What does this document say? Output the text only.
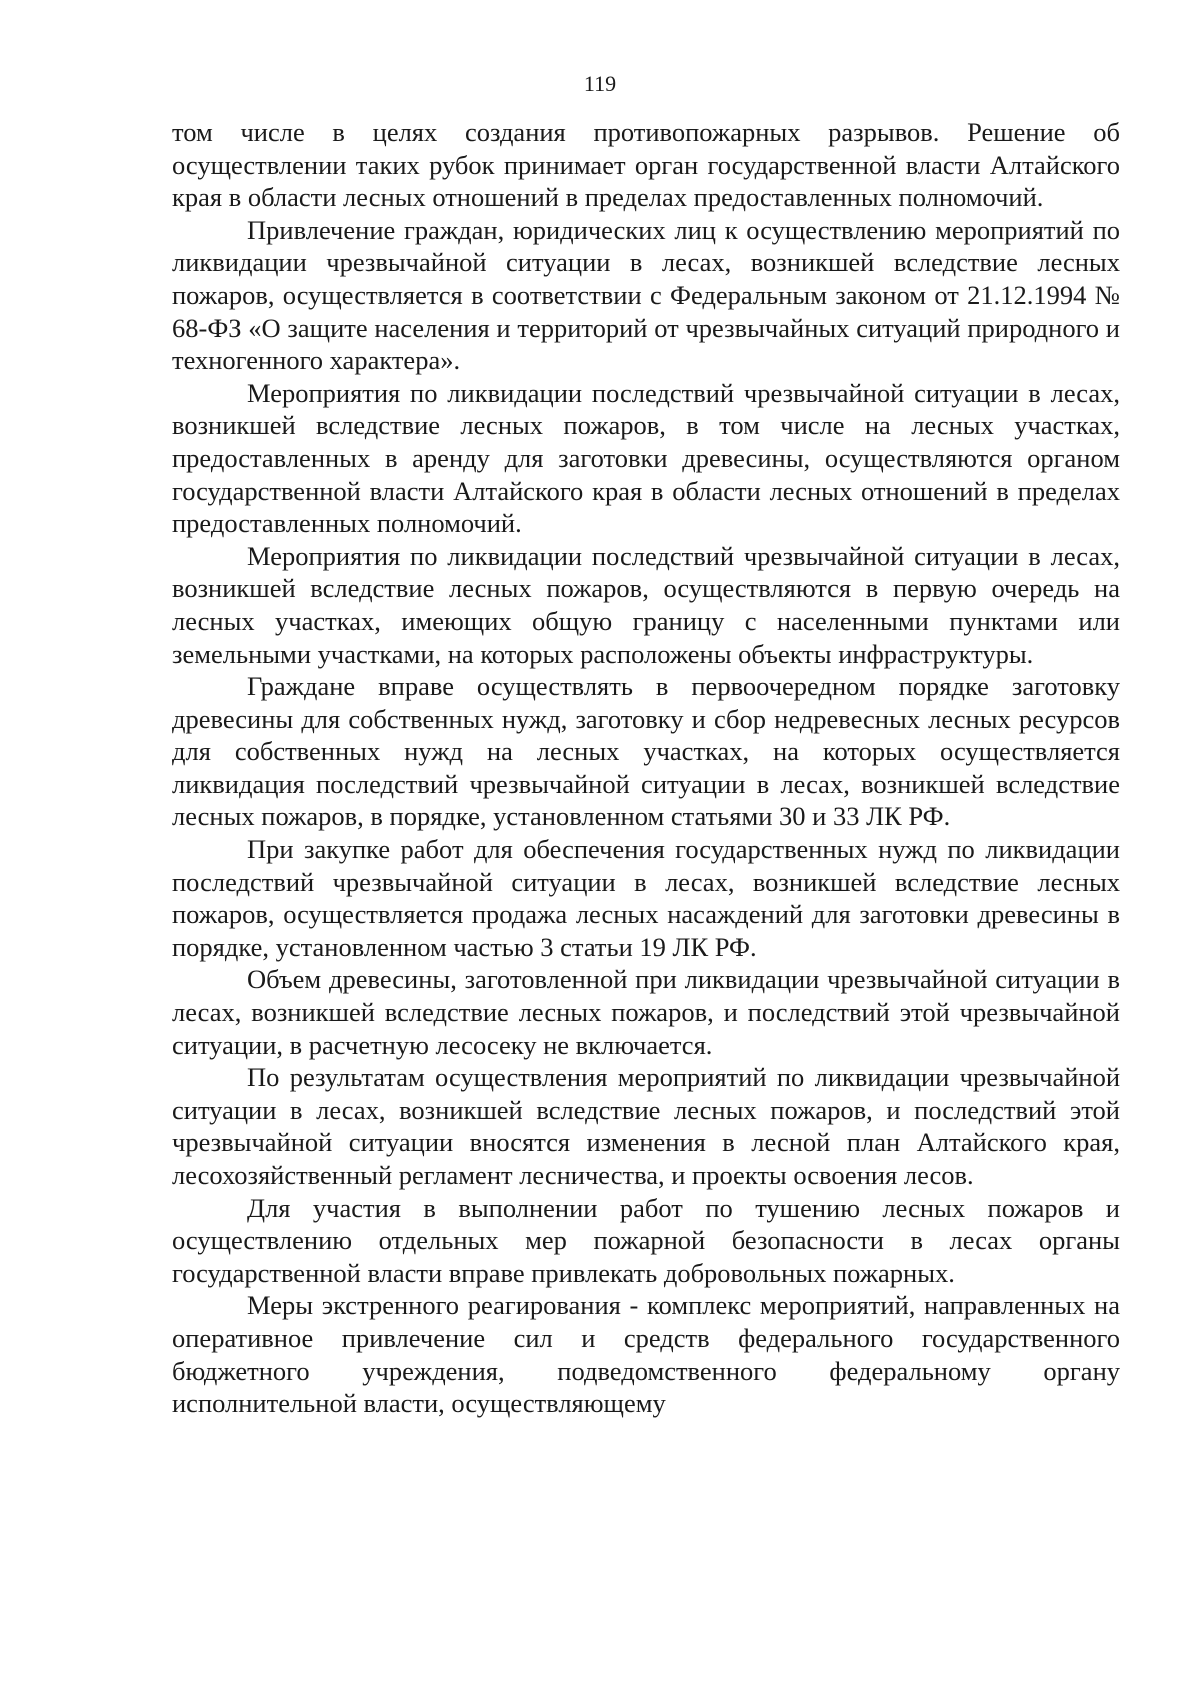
119

том числе в целях создания противопожарных разрывов. Решение об осуществлении таких рубок принимает орган государственной власти Алтайского края в области лесных отношений в пределах предоставленных полномочий.

Привлечение граждан, юридических лиц к осуществлению мероприятий по ликвидации чрезвычайной ситуации в лесах, возникшей вследствие лесных пожаров, осуществляется в соответствии с Федеральным законом от 21.12.1994 № 68-ФЗ «О защите населения и территорий от чрезвычайных ситуаций природного и техногенного характера».

Мероприятия по ликвидации последствий чрезвычайной ситуации в лесах, возникшей вследствие лесных пожаров, в том числе на лесных участках, предоставленных в аренду для заготовки древесины, осуществляются органом государственной власти Алтайского края в области лесных отношений в пределах предоставленных полномочий.

Мероприятия по ликвидации последствий чрезвычайной ситуации в лесах, возникшей вследствие лесных пожаров, осуществляются в первую очередь на лесных участках, имеющих общую границу с населенными пунктами или земельными участками, на которых расположены объекты инфраструктуры.

Граждане вправе осуществлять в первоочередном порядке заготовку древесины для собственных нужд, заготовку и сбор недревесных лесных ресурсов для собственных нужд на лесных участках, на которых осуществляется ликвидация последствий чрезвычайной ситуации в лесах, возникшей вследствие лесных пожаров, в порядке, установленном статьями 30 и 33 ЛК РФ.

При закупке работ для обеспечения государственных нужд по ликвидации последствий чрезвычайной ситуации в лесах, возникшей вследствие лесных пожаров, осуществляется продажа лесных насаждений для заготовки древесины в порядке, установленном частью 3 статьи 19 ЛК РФ.

Объем древесины, заготовленной при ликвидации чрезвычайной ситуации в лесах, возникшей вследствие лесных пожаров, и последствий этой чрезвычайной ситуации, в расчетную лесосеку не включается.

По результатам осуществления мероприятий по ликвидации чрезвычайной ситуации в лесах, возникшей вследствие лесных пожаров, и последствий этой чрезвычайной ситуации вносятся изменения в лесной план Алтайского края, лесохозяйственный регламент лесничества, и проекты освоения лесов.

Для участия в выполнении работ по тушению лесных пожаров и осуществлению отдельных мер пожарной безопасности в лесах органы государственной власти вправе привлекать добровольных пожарных.

Меры экстренного реагирования - комплекс мероприятий, направленных на оперативное привлечение сил и средств федерального государственного бюджетного учреждения, подведомственного федеральному органу исполнительной власти, осуществляющему
